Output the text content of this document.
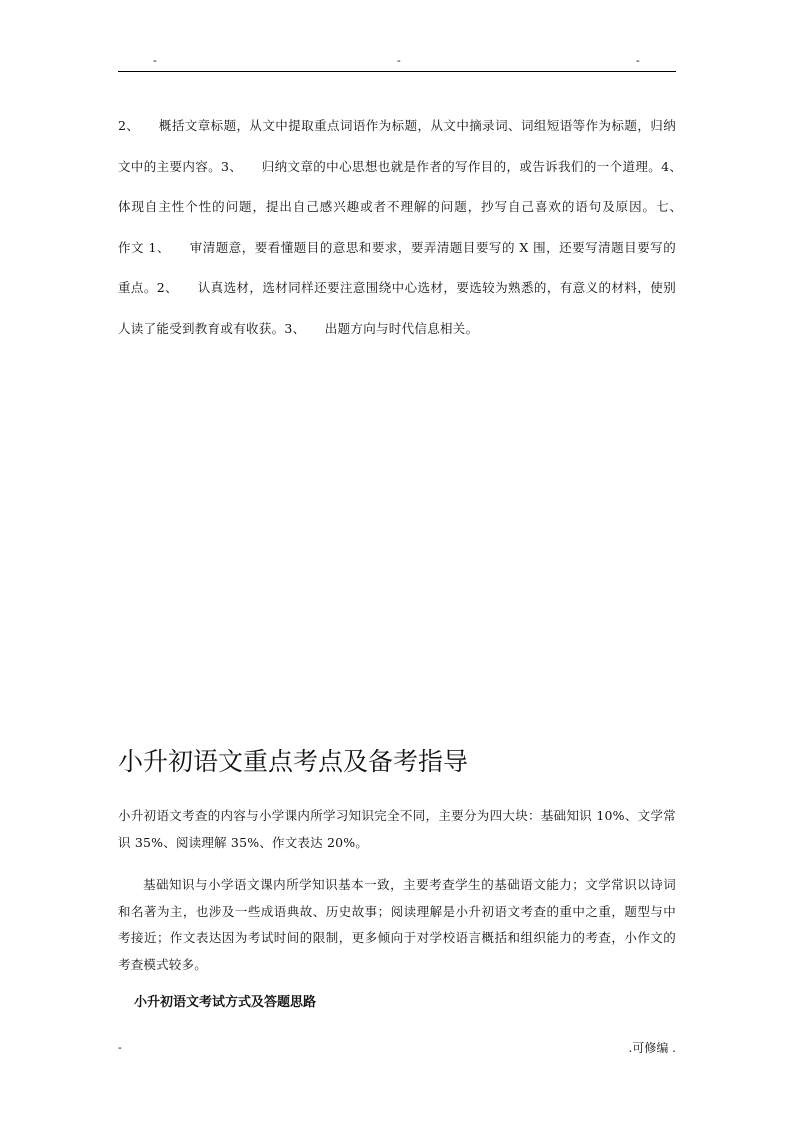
-	-	-
2、　　概括文章标题，从文中提取重点词语作为标题，从文中摘录词、词组短语等作为标题，归纳文中的主要内容。3、　　归纳文章的中心思想也就是作者的写作目的，或告诉我们的一个道理。4、　　体现自主性个性的问题，提出自己感兴趣或者不理解的问题，抄写自己喜欢的语句及原因。七、　　作文 1、　　审清题意，要看懂题目的意思和要求，要弄清题目要写的 X 围，还要写清题目要写的重点。2、　　认真选材，选材同样还要注意围绕中心选材，要选较为熟悉的，有意义的材料，使别人读了能受到教育或有收获。3、　　出题方向与时代信息相关。
小升初语文重点考点及备考指导
小升初语文考查的内容与小学课内所学习知识完全不同，主要分为四大块：基础知识 10%、文学常识 35%、阅读理解 35%、作文表达 20%。
基础知识与小学语文课内所学知识基本一致，主要考查学生的基础语文能力；文学常识以诗词和名著为主，也涉及一些成语典故、历史故事；阅读理解是小升初语文考查的重中之重，题型与中考接近；作文表达因为考试时间的限制，更多倾向于对学校语言概括和组织能力的考查，小作文的考查模式较多。
小升初语文考试方式及答题思路
-	.可修编 .
